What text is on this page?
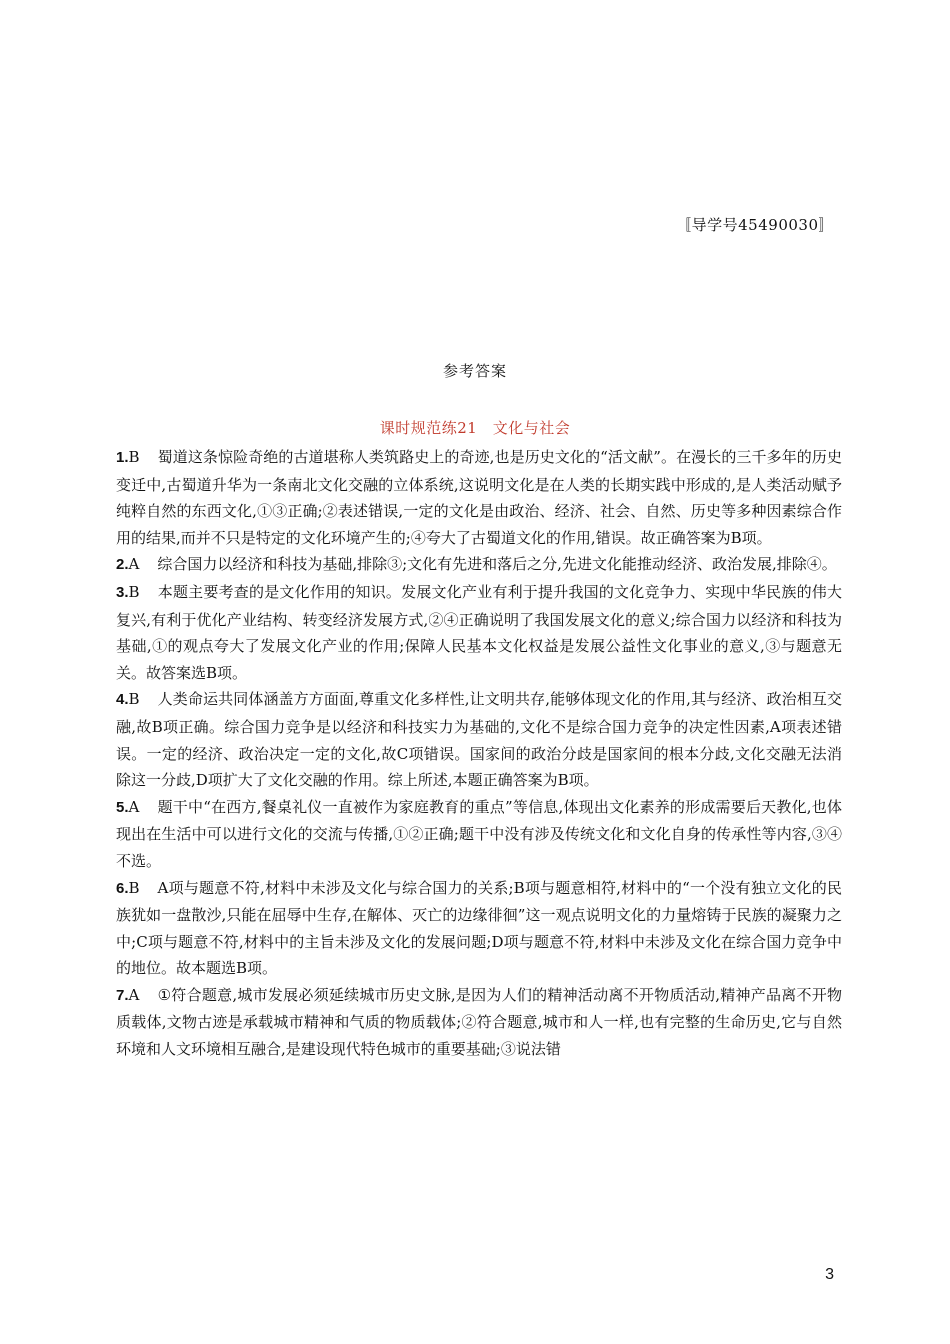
〚导学号45490030〛
参考答案
课时规范练21　文化与社会

1.B 蜀道这条惊险奇绝的古道堪称人类筑路史上的奇迹,也是历史文化的“活文献”。在漫长的三千多年的历史变迁中,古蜀道升华为一条南北文化交融的立体系统,这说明文化是在人类的长期实践中形成的,是人类活动赋予纯粹自然的东西文化,①③正确;②表述错误,一定的文化是由政治、经济、社会、自然、历史等多种因素综合作用的结果,而并不只是特定的文化环境产生的;④夸大了古蜀道文化的作用,错误。故正确答案为B项。

2.A 综合国力以经济和科技为基础,排除③;文化有先进和落后之分,先进文化能推动经济、政治发展,排除④。

3.B 本题主要考查的是文化作用的知识。发展文化产业有利于提升我国的文化竞争力、实现中华民族的伟大复兴,有利于优化产业结构、转变经济发展方式,②④正确说明了我国发展文化的意义;综合国力以经济和科技为基础,①的观点夸大了发展文化产业的作用;保障人民基本文化权益是发展公益性文化事业的意义,③与题意无关。故答案选B项。

4.B 人类命运共同体涵盖方方面面,尊重文化多样性,让文明共存,能够体现文化的作用,其与经济、政治相互交融,故B项正确。综合国力竞争是以经济和科技实力为基础的,文化不是综合国力竞争的决定性因素,A项表述错误。一定的经济、政治决定一定的文化,故C项错误。国家间的政治分歧是国家间的根本分歧,文化交融无法消除这一分歧,D项扩大了文化交融的作用。综上所述,本题正确答案为B项。

5.A 题干中“在西方,餐桌礼仪一直被作为家庭教育的重点”等信息,体现出文化素养的形成需要后天教化,也体现出在生活中可以进行文化的交流与传播,①②正确;题干中没有涉及传统文化和文化自身的传承性等内容,③④不选。

6.B A项与题意不符,材料中未涉及文化与综合国力的关系;B项与题意相符,材料中的“一个没有独立文化的民族犹如一盘散沙,只能在屈辱中生存,在解体、灭亡的边缘徘徊”这一观点说明文化的力量熔铸于民族的凝聚力之中;C项与题意不符,材料中的主旨未涉及文化的发展问题;D项与题意不符,材料中未涉及文化在综合国力竞争中的地位。故本题选B项。

7.A ①符合题意,城市发展必须延续城市历史文脉,是因为人们的精神活动离不开物质活动,精神产品离不开物质载体,文物古迹是承载城市精神和气质的物质载体;②符合题意,城市和人一样,也有完整的生命历史,它与自然环境和人文环境相互融合,是建设现代特色城市的重要基础;③说法错

3
